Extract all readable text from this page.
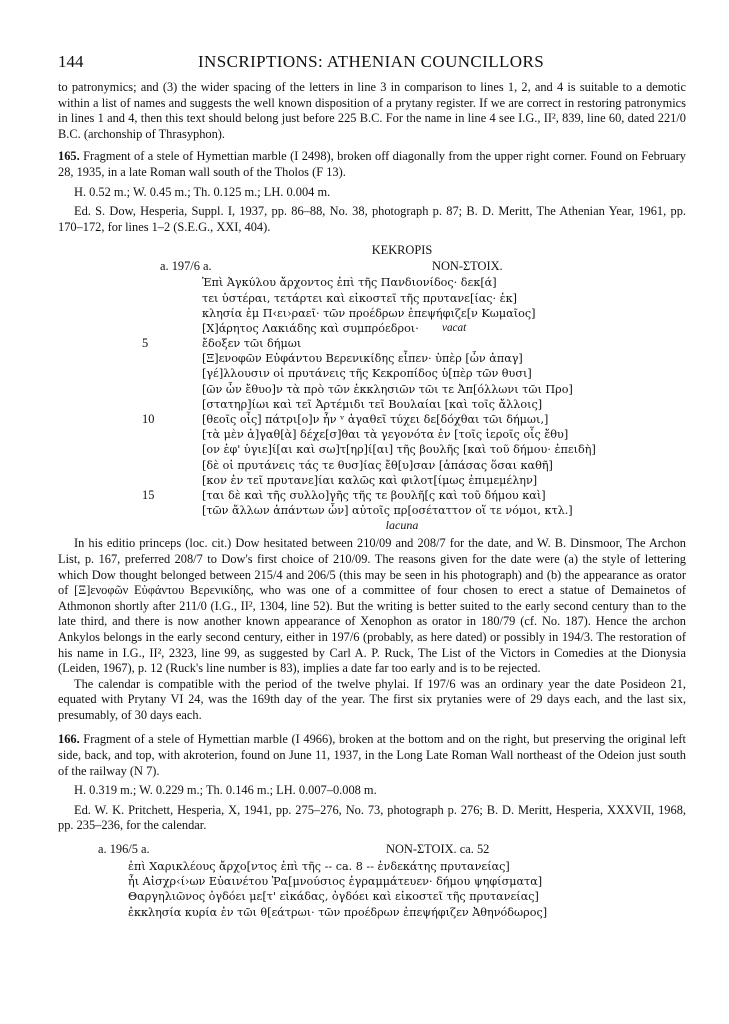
144	INSCRIPTIONS: ATHENIAN COUNCILLORS

to patronymics; and (3) the wider spacing of the letters in line 3 in comparison to lines 1, 2, and 4 is suitable to a demotic within a list of names and suggests the well known disposition of a prytany register. If we are correct in restoring patronymics in lines 1 and 4, then this text should belong just before 225 B.C. For the name in line 4 see I.G., II², 839, line 60, dated 221/0 B.C. (archonship of Thrasyphon).

165. Fragment of a stele of Hymettian marble (I 2498), broken off diagonally from the upper right corner. Found on February 28, 1935, in a late Roman wall south of the Tholos (F 13).

H. 0.52 m.; W. 0.45 m.; Th. 0.125 m.; LH. 0.004 m.

Ed. S. Dow, Hesperia, Suppl. I, 1937, pp. 86–88, No. 38, photograph p. 87; B. D. Meritt, The Athenian Year, 1961, pp. 170–172, for lines 1–2 (S.E.G., XXI, 404).

KEKROPIS
a. 197/6 a.	NON-ΣΤΟΙΧ.
Ἐπὶ Ἀγκύλου ἄρχοντος ἐπὶ τῆς Πανδιονίδος· δεκ[ά]
τει ὑστέραι, τετάρτει καὶ εἰκοστεῖ τῆς πρυτανε[ίας· ἐκ]
κλησία ἐμ Π‹ει›ραεῖ· τῶν προέδρων ἐπεψήφιζε[ν Κωμαῖος]
[Χ]άρητος Λακιάδης καὶ συμπρόεδροι· vacat
5	ἔδοξεν τῶι δήμωι
[Ξ]ενοφῶν Εὐφάντου Βερενικίδης εἶπεν· ὑπὲρ [ὧν ἀπαγ]
[γέ]λλουσιν οἱ πρυτάνεις τῆς Κεκροπίδος ὑ[πὲρ τῶν θυσι]
[ῶν ὧν ἔθυο]ν τὰ πρὸ τῶν ἐκκλησιῶν τῶι τε Ἀπ[όλλωνι τῶι Προ]
[στατηρ]ίωι καὶ τεῖ Ἀρτέμιδι τεῖ Βουλαίαι [καὶ τοῖς ἄλλοις]
10	[θεοῖς οἷς] πάτρι[ο]ν ἦν ᵛ ἀγαθεῖ τύχει δε[δόχθαι τῶι δήμωι,]
[τὰ μὲν ἀ]γαθ[ὰ] δέχε[σ]θαι τὰ γεγονότα ἐν [τοῖς ἱεροῖς οἷς ἔθυ]
[ον ἐφ' ὑγιε]ί[αι καὶ σω]τ[ηρ]ί[αι] τῆς βουλῆς [καὶ τοῦ δήμου· ἐπειδὴ]
[δὲ οἱ πρυτάνεις τάς τε θυσ]ίας ἔθ[υ]σαν [ἁπάσας ὅσαι καθῆ]
[κον ἐν τεῖ πρυτανε]ίαι καλῶς καὶ φιλοτ[ίμως ἐπιμεμέλην]
15	[ται δὲ καὶ τῆς συλλο]γῆς τῆς τε βουλῆ[ς καὶ τοῦ δήμου καὶ]
[τῶν ἄλλων ἁπάντων ὧν] αὐτοῖς πρ[οσέταττον οἵ τε νόμοι, κτλ.]
lacuna

In his editio princeps (loc. cit.) Dow hesitated between 210/09 and 208/7 for the date, and W. B. Dinsmoor, The Archon List, p. 167, preferred 208/7 to Dow's first choice of 210/09. The reasons given for the date were (a) the style of lettering which Dow thought belonged between 215/4 and 206/5 (this may be seen in his photograph) and (b) the appearance as orator of [Ξ]ενοφῶν Εὐφάντου Βερενικίδης, who was one of a committee of four chosen to erect a statue of Demainetos of Athmonon shortly after 211/0 (I.G., II², 1304, line 52). But the writing is better suited to the early second century than to the late third, and there is now another known appearance of Xenophon as orator in 180/79 (cf. No. 187). Hence the archon Ankylos belongs in the early second century, either in 197/6 (probably, as here dated) or possibly in 194/3. The restoration of his name in I.G., II², 2323, line 99, as suggested by Carl A. P. Ruck, The List of the Victors in Comedies at the Dionysia (Leiden, 1967), p. 12 (Ruck's line number is 83), implies a date far too early and is to be rejected.

The calendar is compatible with the period of the twelve phylai. If 197/6 was an ordinary year the date Posideon 21, equated with Prytany VI 24, was the 169th day of the year. The first six prytanies were of 29 days each, and the last six, presumably, of 30 days each.

166. Fragment of a stele of Hymettian marble (I 4966), broken at the bottom and on the right, but preserving the original left side, back, and top, with akroterion, found on June 11, 1937, in the Long Late Roman Wall northeast of the Odeion just south of the railway (N 7).

H. 0.319 m.; W. 0.229 m.; Th. 0.146 m.; LH. 0.007–0.008 m.

Ed. W. K. Pritchett, Hesperia, X, 1941, pp. 275–276, No. 73, photograph p. 276; B. D. Meritt, Hesperia, XXXVII, 1968, pp. 235–236, for the calendar.

a. 196/5 a.	NON-ΣΤΟΙΧ. ca. 52
ἐπὶ Χαρικλέους ἄρχο[ντος ἐπὶ τῆς -- ca. 8 -- ἑνδεκάτης πρυτανείας]
ἧι Αἰσχρ‹ί›ων Εὐαινέτου Ῥα[μνούσιος ἐγραμμάτευεν· δήμου ψηφίσματα]
Θαργηλιῶνος ὀγδόει με[τ' εἰκάδας, ὀγδόει καὶ εἰκοστεῖ τῆς πρυτανείας]
ἐκκλησία κυρία ἐν τῶι θ[εάτρωι· τῶν προέδρων ἐπεψήφιζεν Ἀθηνόδωρος]
